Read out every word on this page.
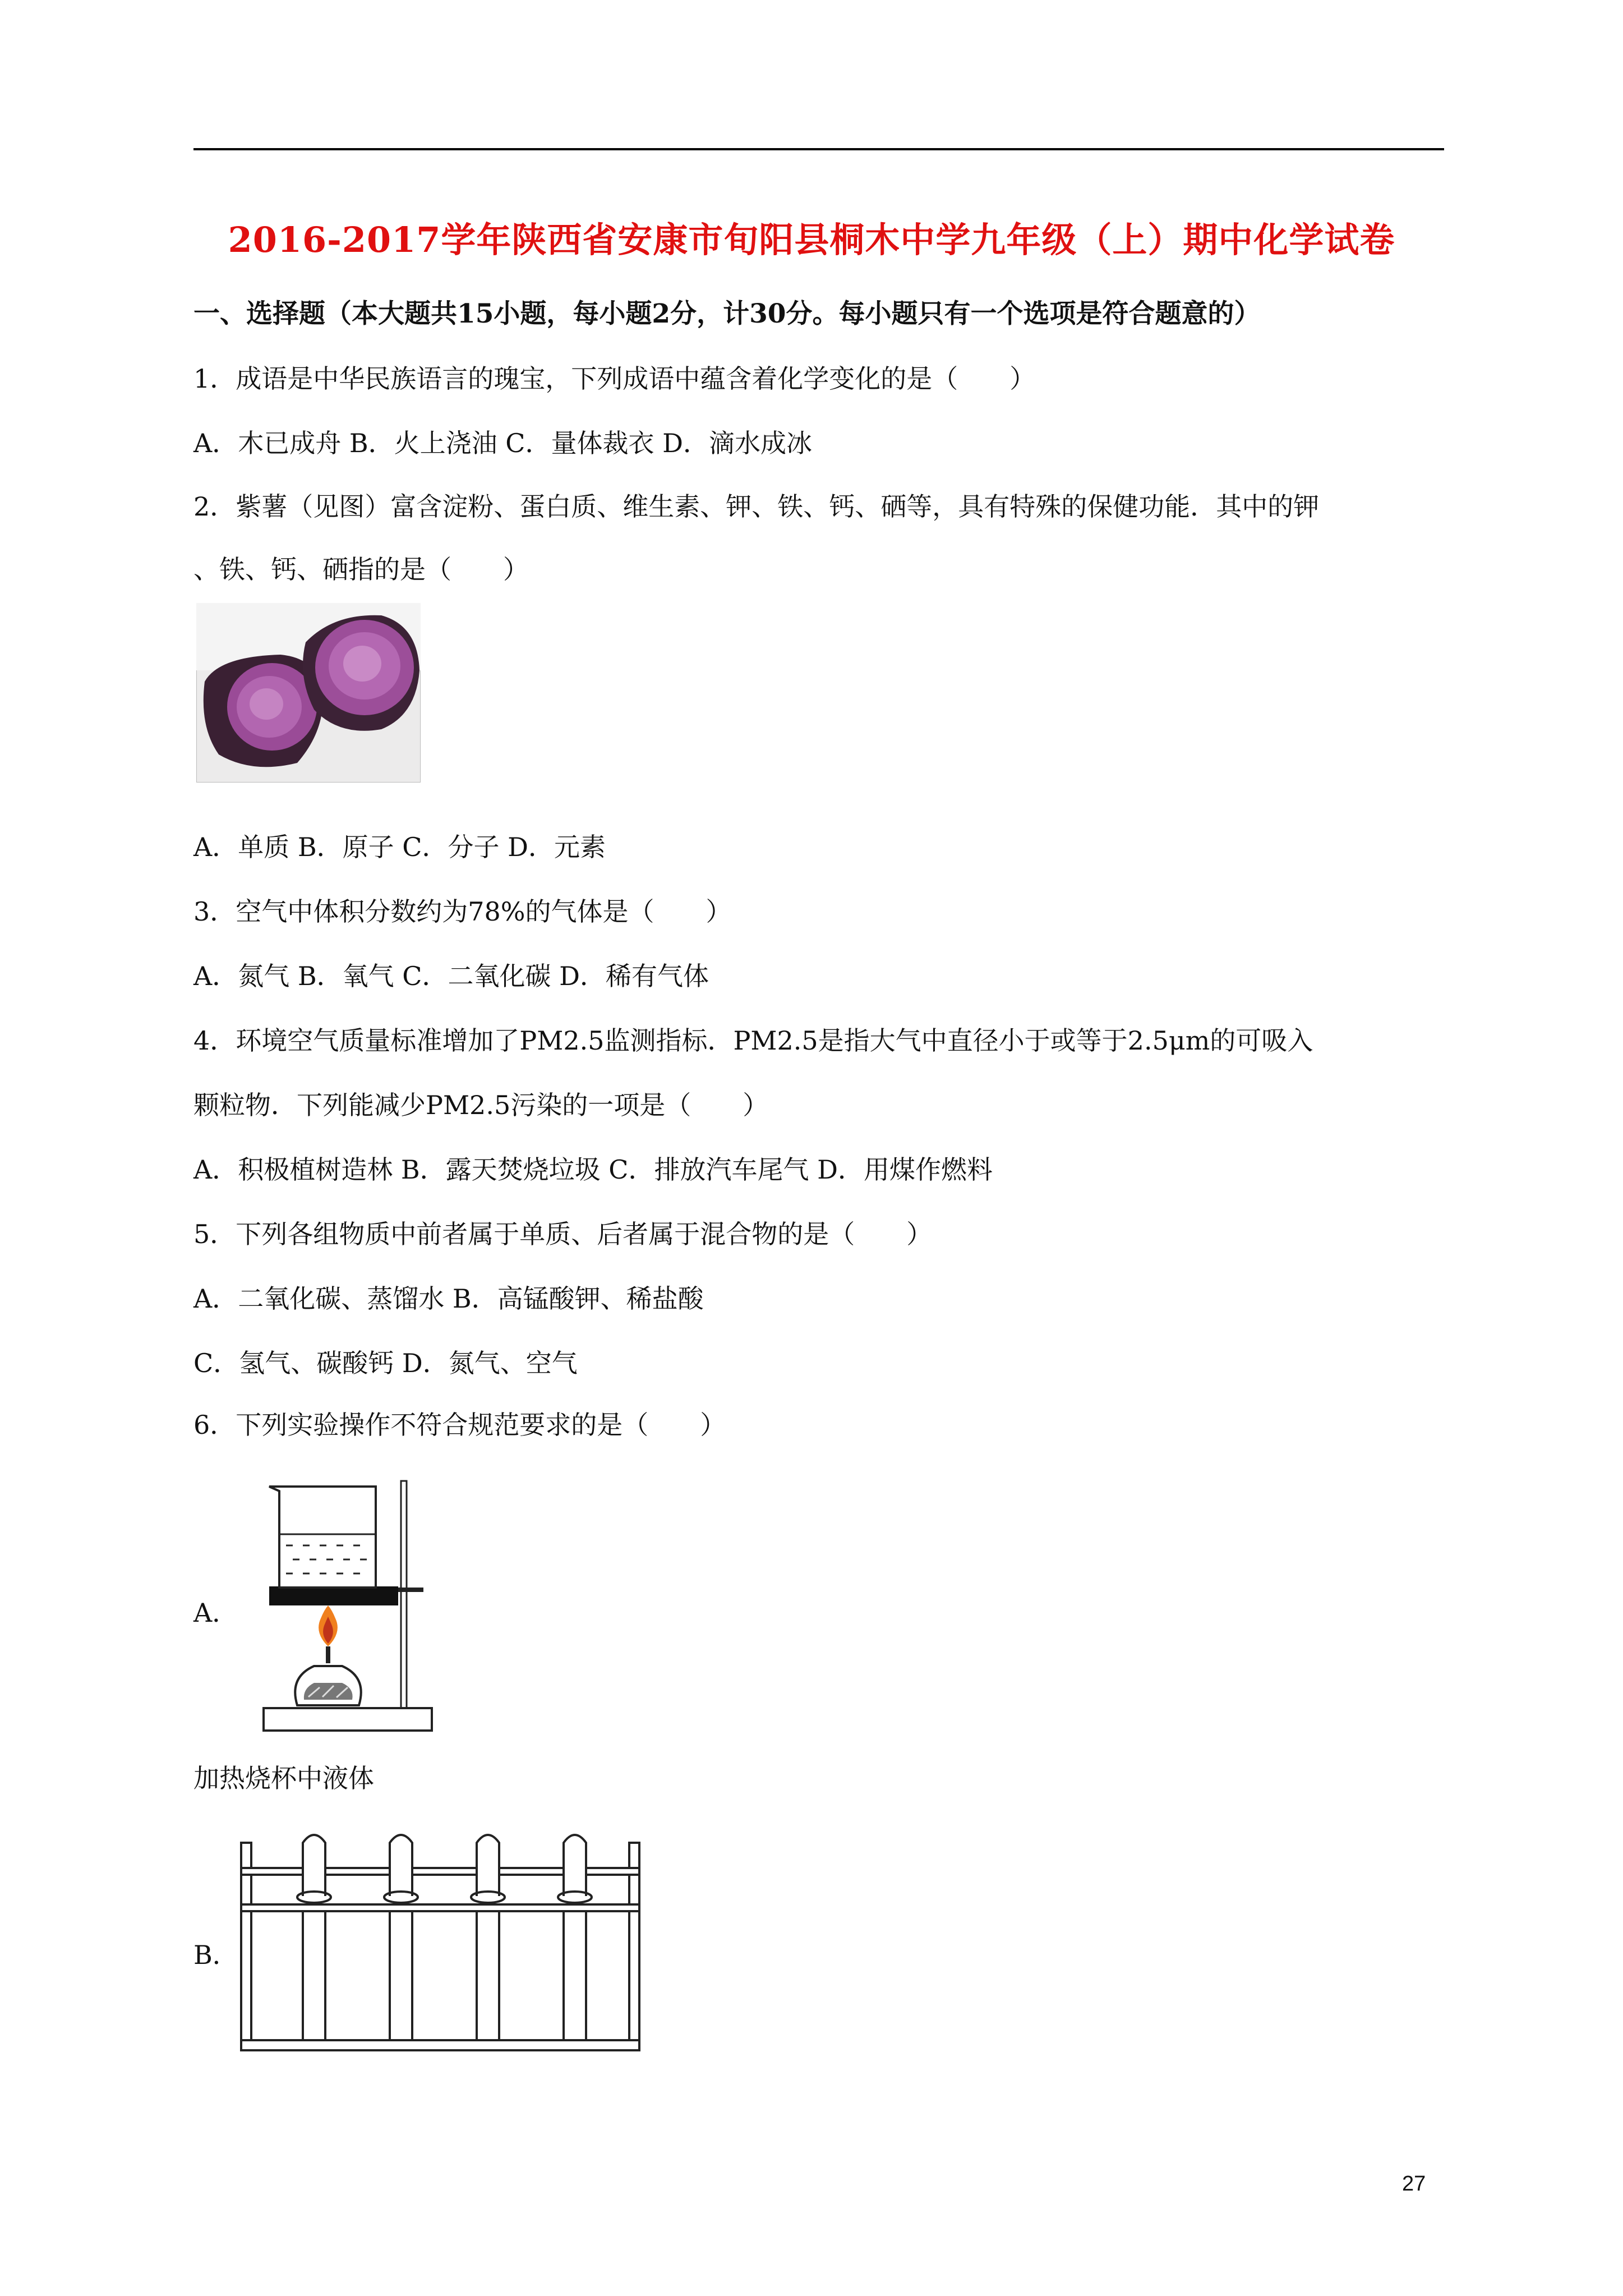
2016-2017学年陕西省安康市旬阳县桐木中学九年级（上）期中化学试卷
一、选择题（本大题共15小题，每小题2分，计30分。每小题只有一个选项是符合题意的）
1．成语是中华民族语言的瑰宝，下列成语中蕴含着化学变化的是（　　）
A．木已成舟 B．火上浇油 C．量体裁衣 D．滴水成冰
2．紫薯（见图）富含淀粉、蛋白质、维生素、钾、铁、钙、硒等，具有特殊的保健功能．其中的钾
、铁、钙、硒指的是（　　）
A．单质 B．原子 C．分子 D．元素
3．空气中体积分数约为78%的气体是（　　）
A．氮气 B．氧气 C．二氧化碳 D．稀有气体
4．环境空气质量标准增加了PM2.5监测指标．PM2.5是指大气中直径小于或等于2.5μm的可吸入
颗粒物．下列能减少PM2.5污染的一项是（　　）
A．积极植树造林 B．露天焚烧垃圾 C．排放汽车尾气 D．用煤作燃料
5．下列各组物质中前者属于单质、后者属于混合物的是（　　）
A．二氧化碳、蒸馏水 B．高锰酸钾、稀盐酸
C．氢气、碳酸钙 D．氮气、空气
6．下列实验操作不符合规范要求的是（　　）
A．
加热烧杯中液体
B．
27
